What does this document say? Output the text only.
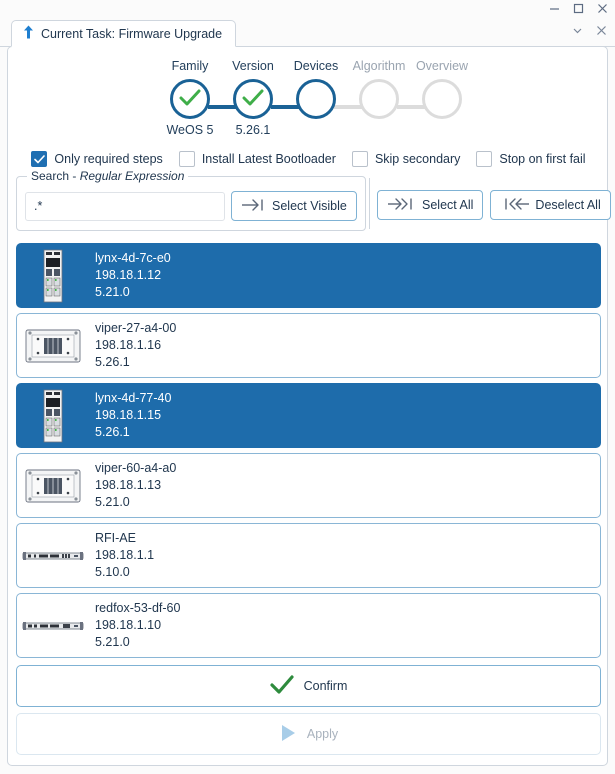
Current Task: Firmware Upgrade
Family
WeOS 5
Version
5.26.1
Devices	Algorithm Overview
Only required steps	Install Latest Bootloader	Skip secondary	Stop on first fail
Search - Regular Expression
.*
Select Visible	Select All	Deselect All
lynx-4d-7c-e0
198.18.1.12
5.21.0
viper-27-a4-00
198.18.1.16
5.26.1
lynx-4d-77-40
198.18.1.15
5.26.1
viper-60-a4-a0
198.18.1.13
5.21.0
RFI-AE
198.18.1.1
5.10.0
redfox-53-df-60
198.18.1.10
5.21.0
Confirm
Apply
